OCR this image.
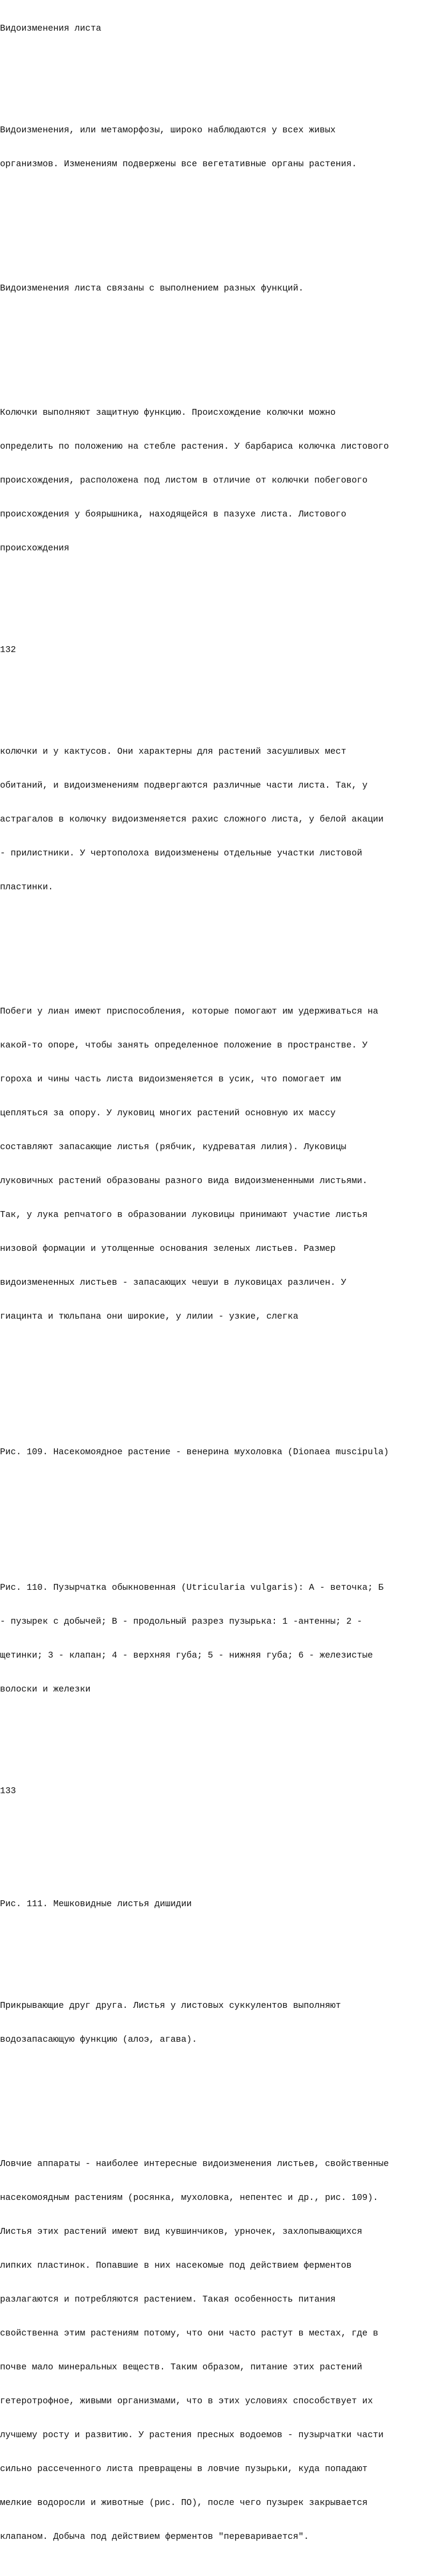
Видоизменения листа

Видоизменения, или метаморфозы, широко наблюдаются у всех живых

организмов. Изменениям подвержены все вегетативные органы растения.

Видоизменения листа связаны с выполнением разных функций.

Колючки выполняют защитную функцию. Происхождение колючки можно

определить по положению на стебле растения. У барбариса колючка листового

происхождения, расположена под листом в отличие от колючки побегового

происхождения у боярышника, находящейся в пазухе листа. Листового

происхождения

132

колючки и у кактусов. Они характерны для растений засушливых мест

обитаний, и видоизменениям подвергаются различные части листа. Так, у

астрагалов в колючку видоизменяется рахис сложного листа, у белой акации

- прилистники. У чертополоха видоизменены отдельные участки листовой

пластинки.

Побеги у лиан имеют приспособления, которые помогают им удерживаться на

какой-то опоре, чтобы занять определенное положение в пространстве. У

гороха и чины часть листа видоизменяется в усик, что помогает им

цепляться за опору. У луковиц многих растений основную их массу

составляют запасающие листья (рябчик, кудреватая лилия). Луковицы

луковичных растений образованы разного вида видоизмененными листьями.

Так, у лука репчатого в образовании луковицы принимают участие листья

низовой формации и утолщенные основания зеленых листьев. Размер

видоизмененных листьев - запасающих чешуи в луковицах различен. У

гиацинта и тюльпана они широкие, у лилии - узкие, слегка

Рис. 109. Насекомоядное растение - венерина мухоловка (Dionaea muscipula)

Рис. 110. Пузырчатка обыкновенная (Utricularia vulgaris): А - веточка; Б

- пузырек с добычей; В - продольный разрез пузырька: 1 -антенны; 2 -

щетинки; 3 - клапан; 4 - верхняя губа; 5 - нижняя губа; 6 - железистые

волоски и железки

133

Рис. 111. Мешковидные листья дишидии

Прикрывающие друг друга. Листья у листовых суккулентов выполняют

водозапасающую функцию (алоэ, агава).

Ловчие аппараты - наиболее интересные видоизменения листьев, свойственные

насекомоядным растениям (росянка, мухоловка, непентес и др., рис. 109).

Листья этих растений имеют вид кувшинчиков, урночек, захлопывающихся

липких пластинок. Попавшие в них насекомые под действием ферментов

разлагаются и потребляются растением. Такая особенность питания

свойственна этим растениям потому, что они часто растут в местах, где в

почве мало минеральных веществ. Таким образом, питание этих растений

гетеротрофное, живыми организмами, что в этих условиях способствует их

лучшему росту и развитию. У растения пресных водоемов - пузырчатки части

сильно рассеченного листа превращены в ловчие пузырьки, куда попадают

мелкие водоросли и животные (рис. ПО), после чего пузырек закрывается

клапаном. Добыча под действием ферментов "переваривается".
